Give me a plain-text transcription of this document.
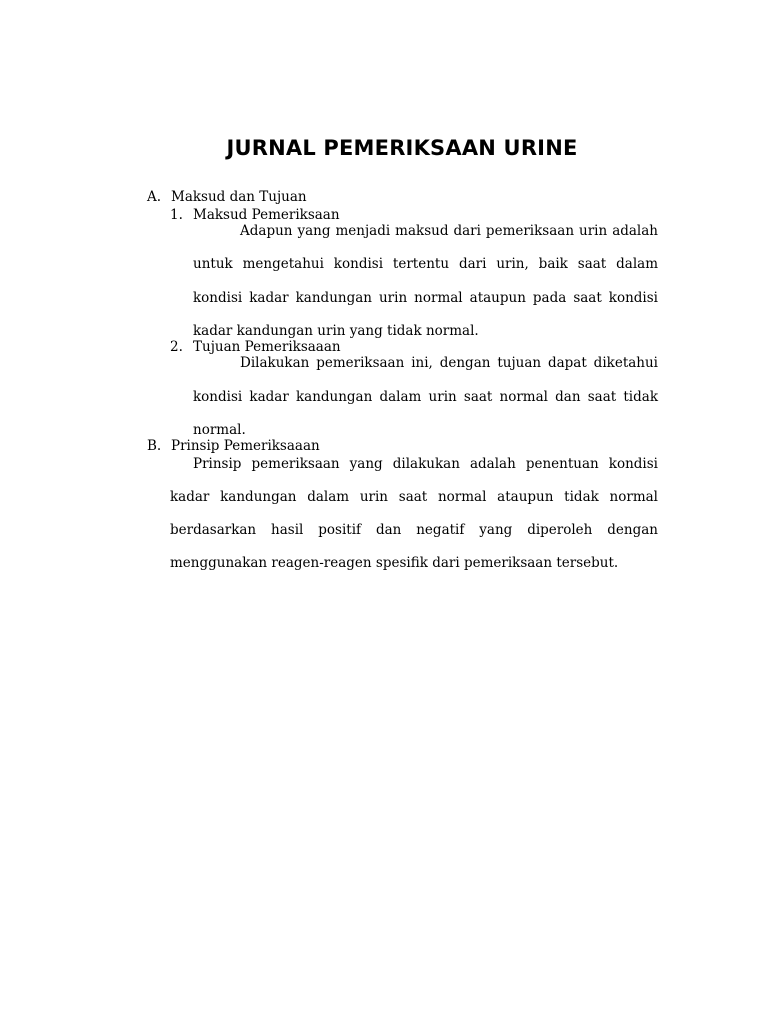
JURNAL PEMERIKSAAN URINE
A. Maksud dan Tujuan
1. Maksud Pemeriksaan
Adapun yang menjadi maksud dari pemeriksaan urin adalah
untuk mengetahui kondisi tertentu dari urin, baik saat dalam
kondisi kadar kandungan urin normal ataupun pada saat kondisi
kadar kandungan urin yang tidak normal.
2. Tujuan Pemeriksaaan
Dilakukan pemeriksaan ini, dengan tujuan dapat diketahui
kondisi kadar kandungan dalam urin saat normal dan saat tidak
normal.
B. Prinsip Pemeriksaaan
Prinsip pemeriksaan yang dilakukan adalah penentuan kondisi
kadar kandungan dalam urin saat normal ataupun tidak normal
berdasarkan hasil positif dan negatif yang diperoleh dengan
menggunakan reagen-reagen spesifik dari pemeriksaan tersebut.
